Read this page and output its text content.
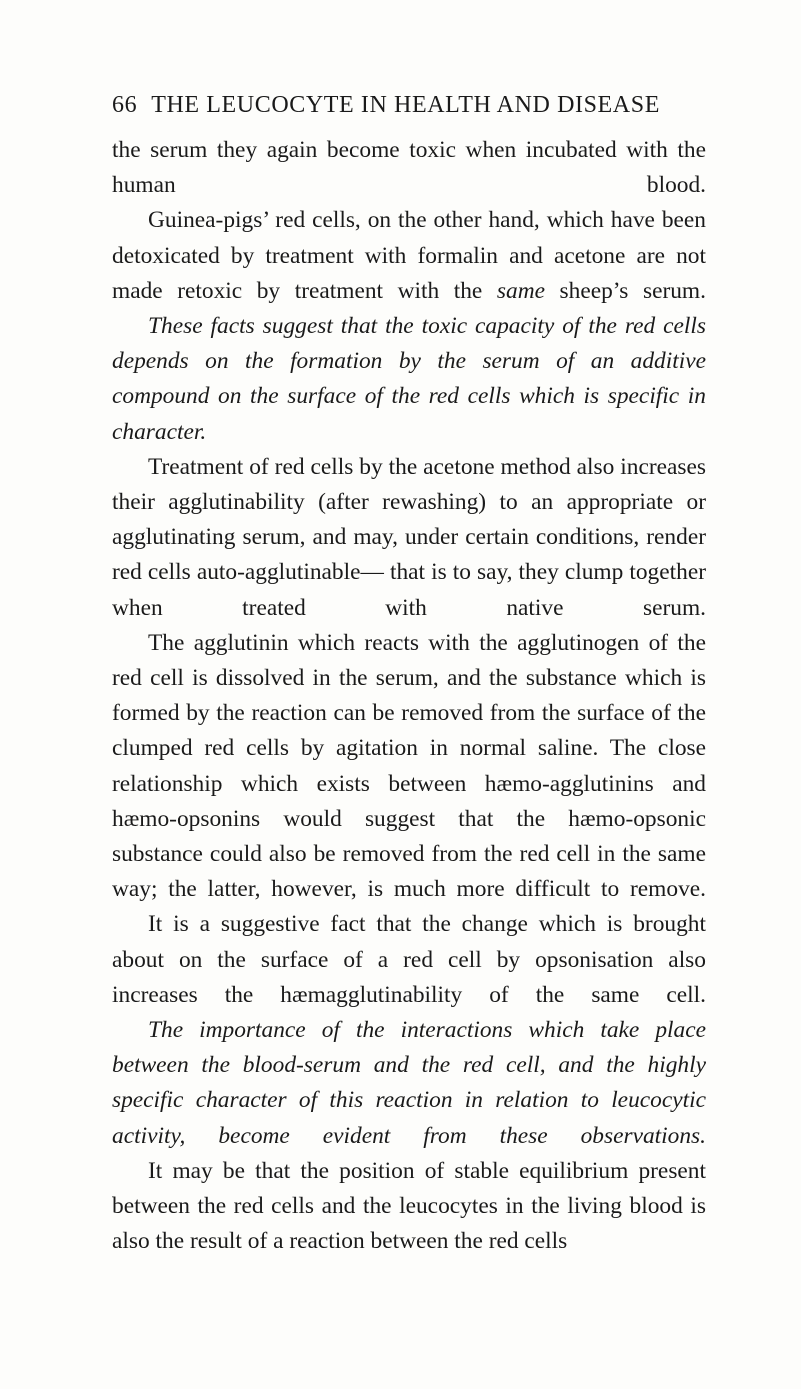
66 THE LEUCOCYTE IN HEALTH AND DISEASE

the serum they again become toxic when incubated with the human blood.

Guinea-pigs’ red cells, on the other hand, which have been detoxicated by treatment with formalin and acetone are not made retoxic by treatment with the same sheep’s serum.

These facts suggest that the toxic capacity of the red cells depends on the formation by the serum of an additive compound on the surface of the red cells which is specific in character.

Treatment of red cells by the acetone method also increases their agglutinability (after rewashing) to an appropriate or agglutinating serum, and may, under certain conditions, render red cells auto-agglutinable— that is to say, they clump together when treated with native serum.

The agglutinin which reacts with the agglutinogen of the red cell is dissolved in the serum, and the substance which is formed by the reaction can be removed from the surface of the clumped red cells by agitation in normal saline. The close relationship which exists between hæmo-agglutinins and hæmo-opsonins would suggest that the hæmo-opsonic substance could also be removed from the red cell in the same way; the latter, however, is much more difficult to remove.

It is a suggestive fact that the change which is brought about on the surface of a red cell by opsonisation also increases the hæmagglutinability of the same cell.

The importance of the interactions which take place between the blood-serum and the red cell, and the highly specific character of this reaction in relation to leucocytic activity, become evident from these observations.

It may be that the position of stable equilibrium present between the red cells and the leucocytes in the living blood is also the result of a reaction between the red cells
